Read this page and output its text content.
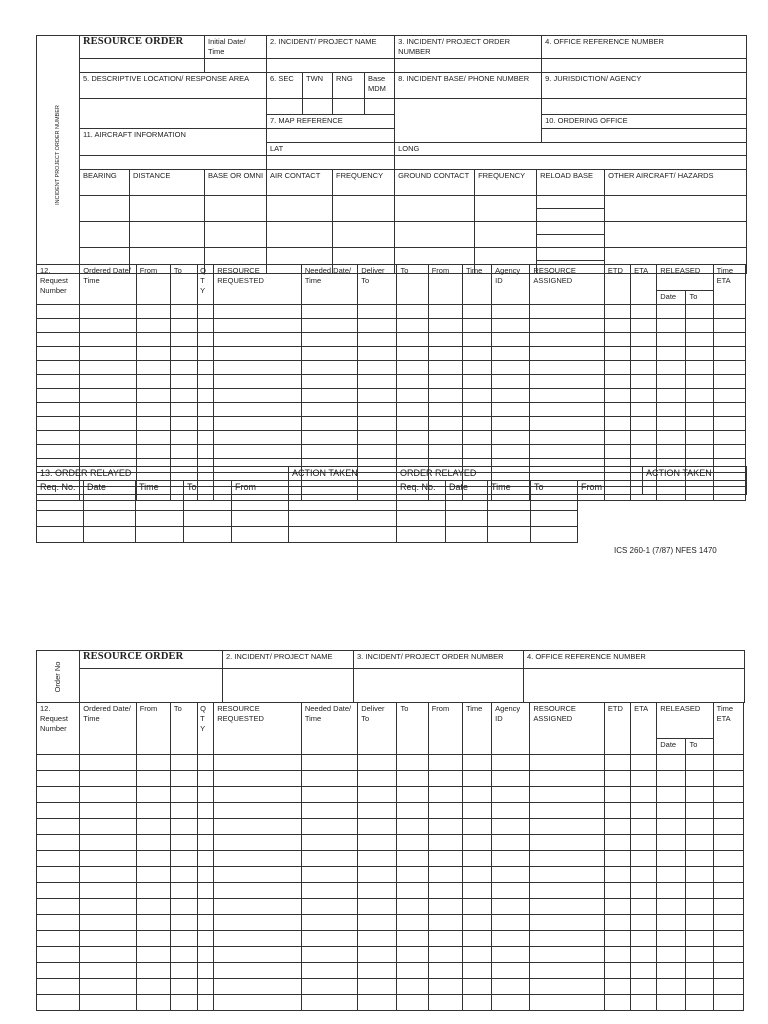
INCIDENT PROJECT ORDER NUMBER	RESOURCE ORDER		Initial Date/ Time	2. INCIDENT/ PROJECT NAME				3. INCIDENT/ PROJECT ORDER NUMBER			4. OFFICE REFERENCE NUMBER	

	5. DESCRIPTIVE LOCATION/ RESPONSE AREA			6. SEC	TWN	RNG	Base MDM	8. INCIDENT BASE/ PHONE NUMBER			9. JURISDICTION/ AGENCY	

				7. MAP REFERENCE							10. ORDERING OFFICE	
	11. AIRCRAFT INFORMATION											
				LAT				LONG				

	BEARING	DISTANCE	BASE OR OMNI	AIR CONTACT		FREQUENCY		GROUND CONTACT	FREQUENCY	RELOAD BASE		OTHER AIRCRAFT/ HAZARDS

12. Request Number	Ordered Date/ Time	From	To	Q T Y	RESOURCE REQUESTED	Needed Date/ Time	Deliver To	To	From	Time	Agency ID	RESOURCE ASSIGNED	ETD	ETA	RELEASED		Time ETA
															Date	To	

13. ORDER RELAYED					ACTION TAKEN	ORDER RELAYED					ACTION TAKEN
Req. No.	Date	Time	To	From		Req. No.	Date	Time	To	From	

ICS 260-1 (7/87) NFES 1470
Order No	RESOURCE ORDER	2. INCIDENT/ PROJECT NAME	3. INCIDENT/ PROJECT ORDER NUMBER	4. OFFICE REFERENCE NUMBER

12. Request Number	Ordered Date/ Time	From	To	Q T Y	RESOURCE REQUESTED	Needed Date/ Time	Deliver To	To	From	Time	Agency ID	RESOURCE ASSIGNED	ETD	ETA	RELEASED		Time ETA
															Date	To	
